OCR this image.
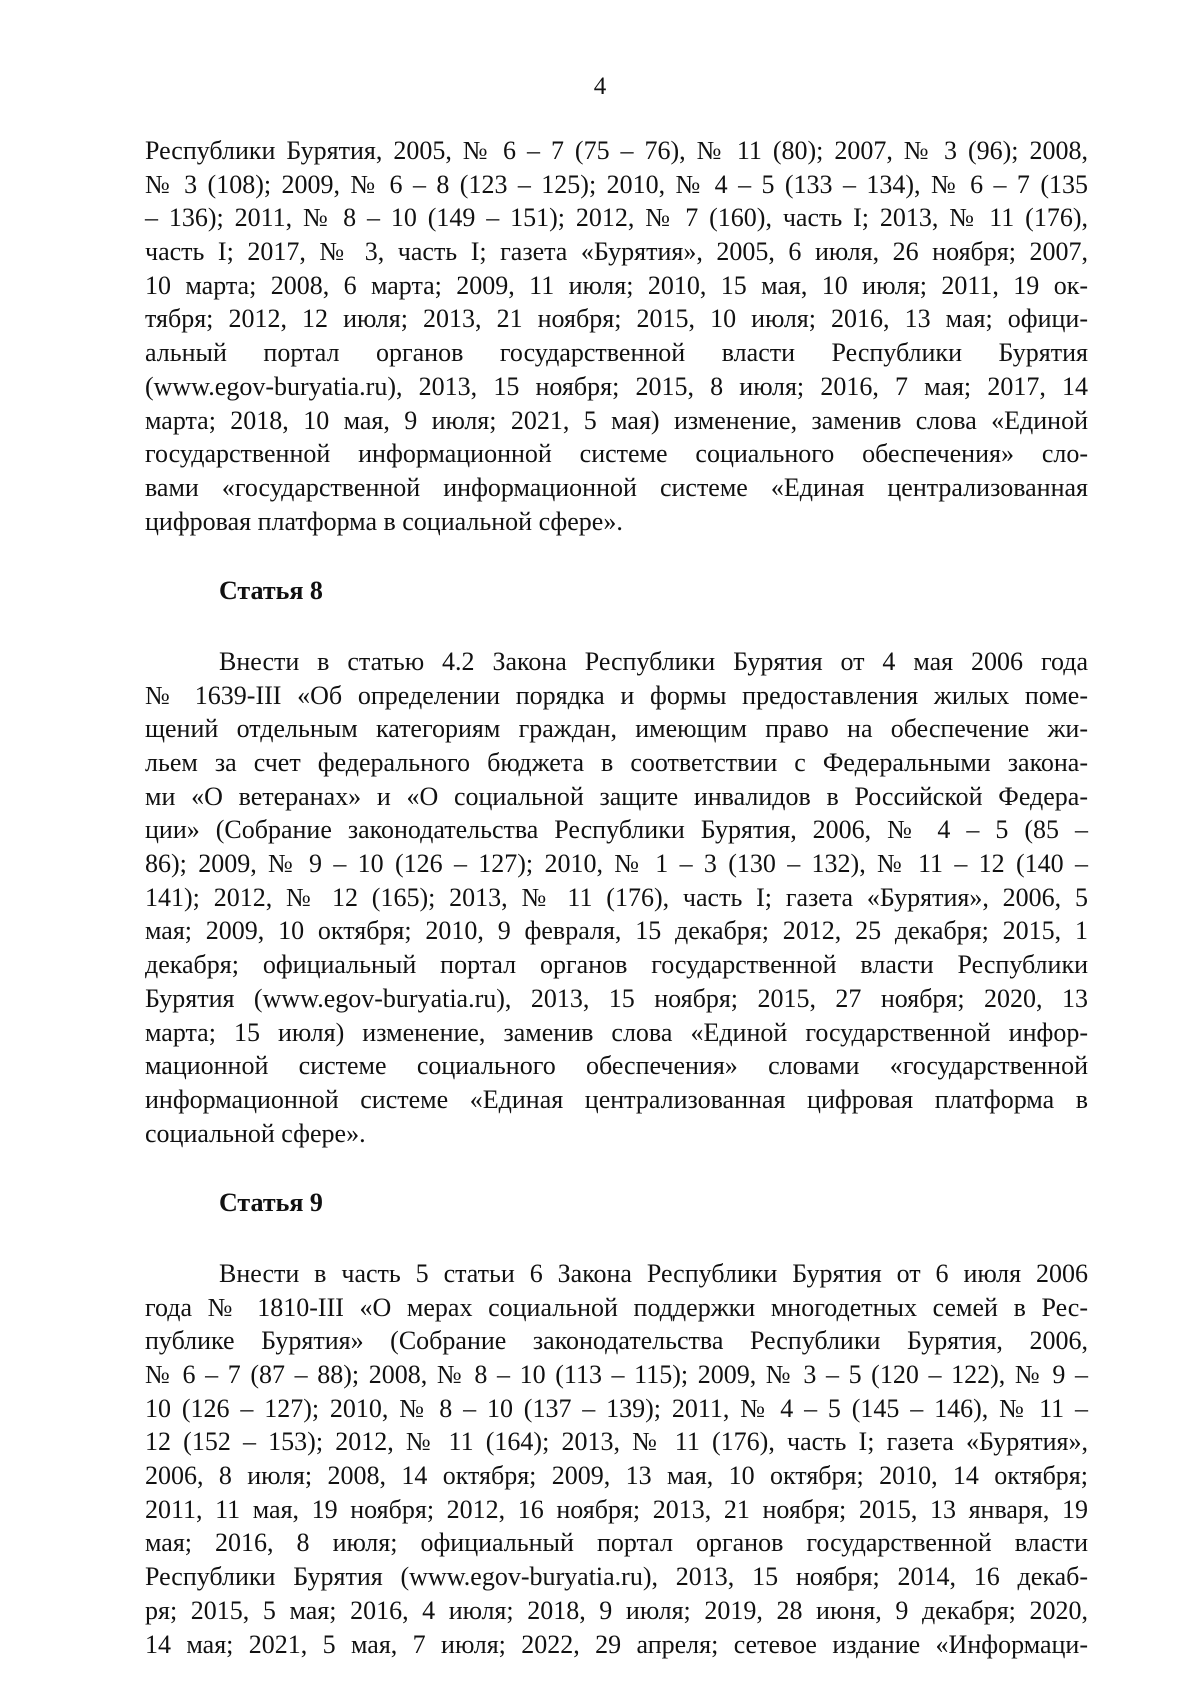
4
Республики Бурятия, 2005, № 6 – 7 (75 – 76), № 11 (80); 2007, № 3 (96); 2008,
№ 3 (108); 2009, № 6 – 8 (123 – 125); 2010, № 4 – 5 (133 – 134), № 6 – 7 (135
– 136); 2011, № 8 – 10 (149 – 151); 2012, № 7 (160), часть I; 2013, № 11 (176),
часть I; 2017, № 3, часть I; газета «Бурятия», 2005, 6 июля, 26 ноября; 2007,
10 марта; 2008, 6 марта; 2009, 11 июля; 2010, 15 мая, 10 июля; 2011, 19 ок-
тября; 2012, 12 июля; 2013, 21 ноября; 2015, 10 июля; 2016, 13 мая; офици-
альный портал органов государственной власти Республики Бурятия
(www.egov-buryatia.ru), 2013, 15 ноября; 2015, 8 июля; 2016, 7 мая; 2017, 14
марта; 2018, 10 мая, 9 июля; 2021, 5 мая) изменение, заменив слова «Единой
государственной информационной системе социального обеспечения» сло-
вами «государственной информационной системе «Единая централизованная
цифровая платформа в социальной сфере».
Статья 8
Внести в статью 4.2 Закона Республики Бурятия от 4 мая 2006 года
№ 1639-III «Об определении порядка и формы предоставления жилых поме-
щений отдельным категориям граждан, имеющим право на обеспечение жи-
льем за счет федерального бюджета в соответствии с Федеральными закона-
ми «О ветеранах» и «О социальной защите инвалидов в Российской Федера-
ции» (Собрание законодательства Республики Бурятия, 2006, № 4 – 5 (85 –
86); 2009, № 9 – 10 (126 – 127); 2010, № 1 – 3 (130 – 132), № 11 – 12 (140 –
141); 2012, № 12 (165); 2013, № 11 (176), часть I; газета «Бурятия», 2006, 5
мая; 2009, 10 октября; 2010, 9 февраля, 15 декабря; 2012, 25 декабря; 2015, 1
декабря; официальный портал органов государственной власти Республики
Бурятия (www.egov-buryatia.ru), 2013, 15 ноября; 2015, 27 ноября; 2020, 13
марта; 15 июля) изменение, заменив слова «Единой государственной инфор-
мационной системе социального обеспечения» словами «государственной
информационной системе «Единая централизованная цифровая платформа в
социальной сфере».
Статья 9
Внести в часть 5 статьи 6 Закона Республики Бурятия от 6 июля 2006
года № 1810-III «О мерах социальной поддержки многодетных семей в Рес-
публике Бурятия» (Собрание законодательства Республики Бурятия, 2006,
№ 6 – 7 (87 – 88); 2008, № 8 – 10 (113 – 115); 2009, № 3 – 5 (120 – 122), № 9 –
10 (126 – 127); 2010, № 8 – 10 (137 – 139); 2011, № 4 – 5 (145 – 146), № 11 –
12 (152 – 153); 2012, № 11 (164); 2013, № 11 (176), часть I; газета «Бурятия»,
2006, 8 июля; 2008, 14 октября; 2009, 13 мая, 10 октября; 2010, 14 октября;
2011, 11 мая, 19 ноября; 2012, 16 ноября; 2013, 21 ноября; 2015, 13 января, 19
мая; 2016, 8 июля; официальный портал органов государственной власти
Республики Бурятия (www.egov-buryatia.ru), 2013, 15 ноября; 2014, 16 декаб-
ря; 2015, 5 мая; 2016, 4 июля; 2018, 9 июля; 2019, 28 июня, 9 декабря; 2020,
14 мая; 2021, 5 мая, 7 июля; 2022, 29 апреля; сетевое издание «Информаци-
